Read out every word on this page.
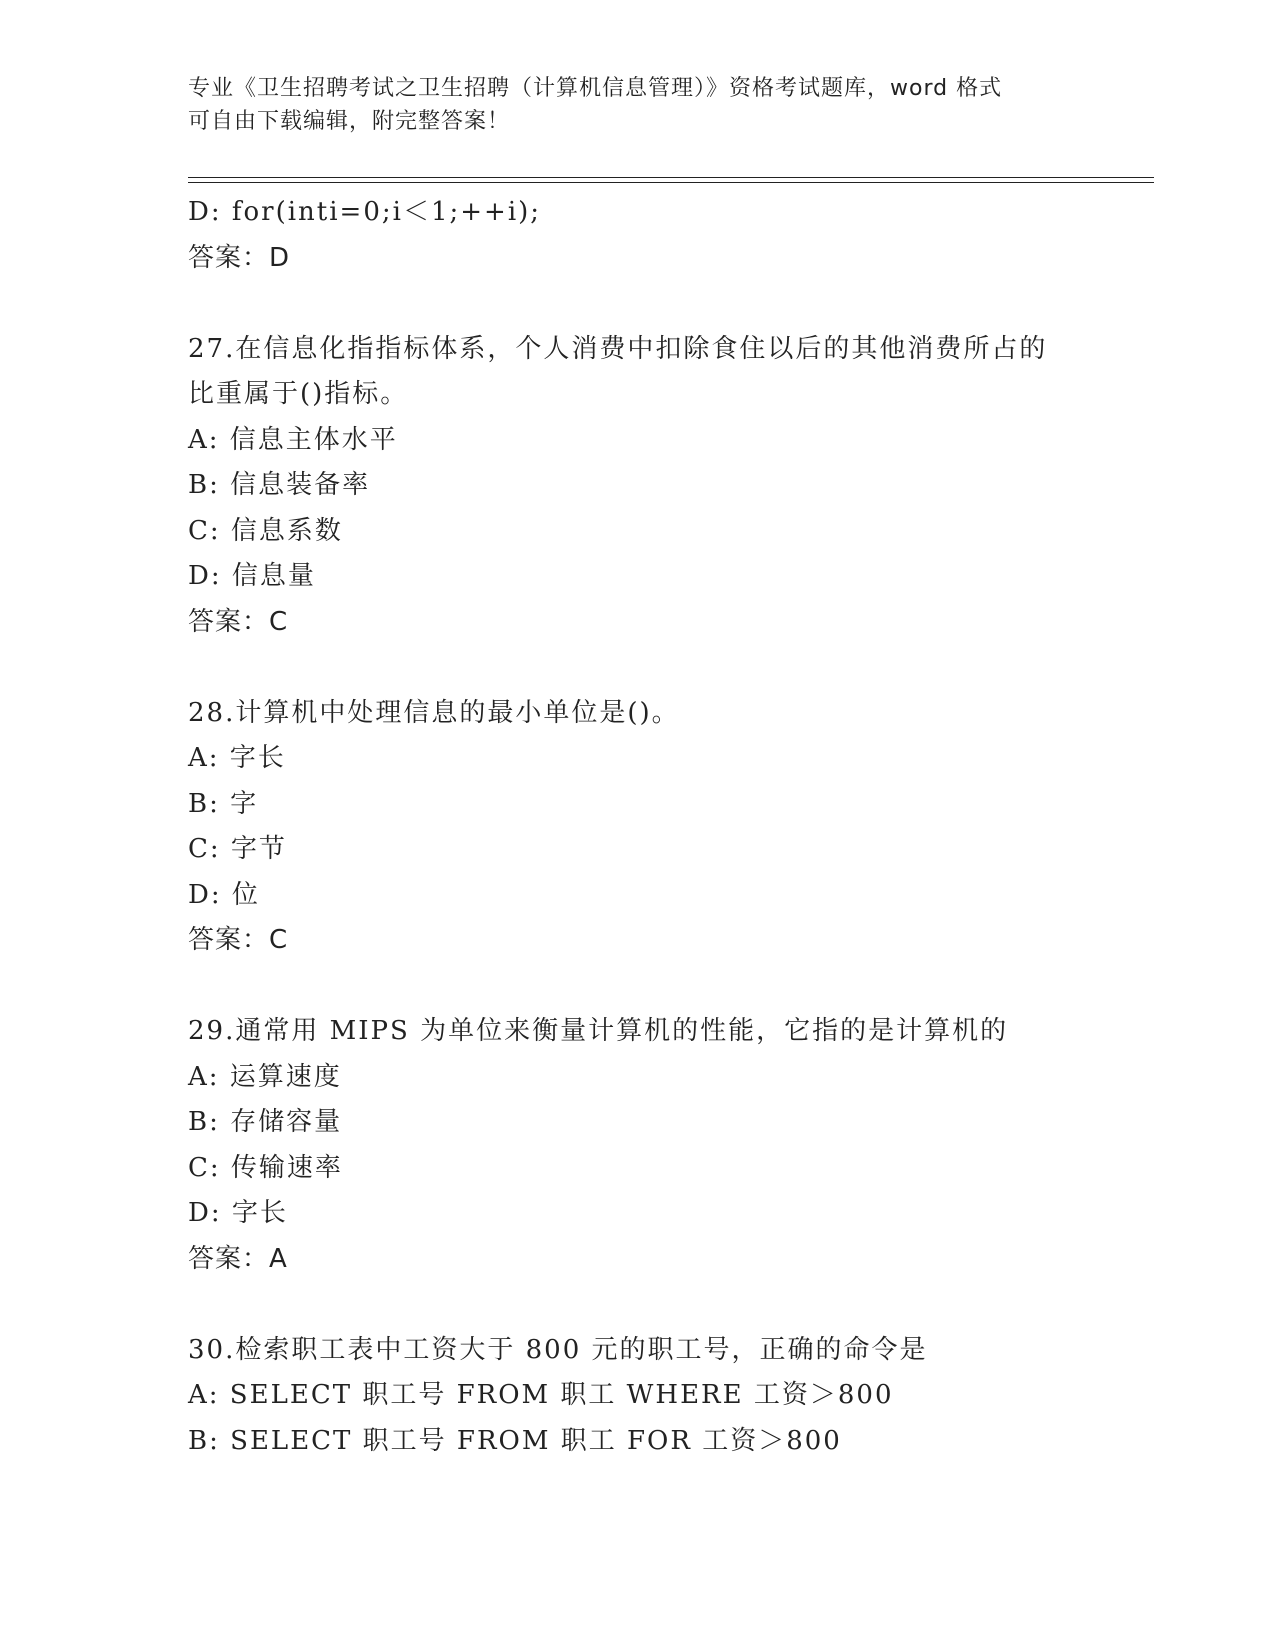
专业《卫生招聘考试之卫生招聘（计算机信息管理）》资格考试题库，word 格式
可自由下载编辑，附完整答案！
D: for(inti=0;i＜1;++i);
答案：D
27.在信息化指指标体系，个人消费中扣除食住以后的其他消费所占的
比重属于()指标。
A: 信息主体水平
B: 信息装备率
C: 信息系数
D: 信息量
答案：C
28.计算机中处理信息的最小单位是()。
A: 字长
B: 字
C: 字节
D: 位
答案：C
29.通常用 MIPS 为单位来衡量计算机的性能，它指的是计算机的
A: 运算速度
B: 存储容量
C: 传输速率
D: 字长
答案：A
30.检索职工表中工资大于 800 元的职工号，正确的命令是
A: SELECT 职工号 FROM 职工 WHERE 工资＞800
B: SELECT 职工号 FROM 职工 FOR 工资＞800
